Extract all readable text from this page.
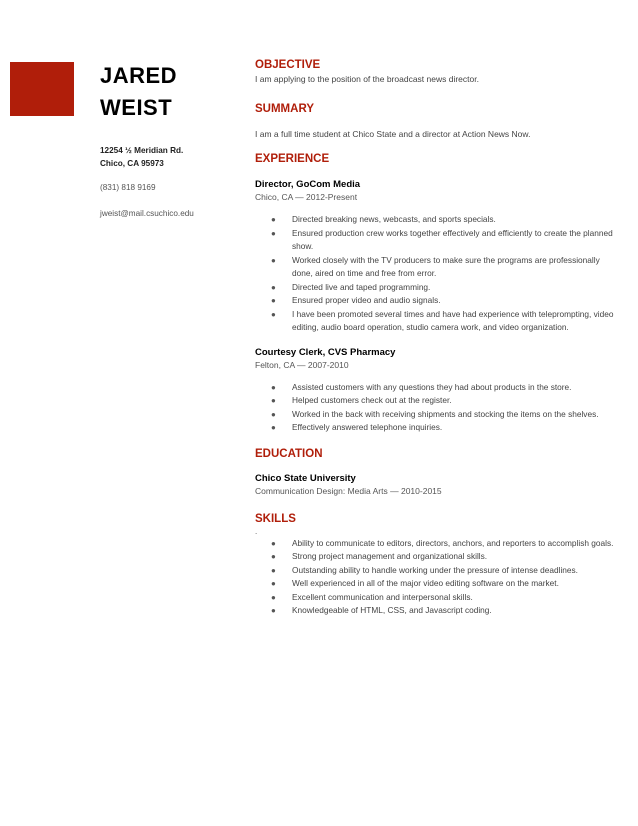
JARED
WEIST
12254 ½ Meridian Rd.
Chico, CA 95973
(831) 818 9169
jweist@mail.csuchico.edu
OBJECTIVE
I am applying to the position of the broadcast news director.
SUMMARY
I am a full time student at Chico State and a director at Action News Now.
EXPERIENCE
Director, GoCom Media
Chico, CA — 2012-Present
● Directed breaking news, webcasts, and sports specials.
● Ensured production crew works together effectively and efficiently to create the planned show.
● Worked closely with the TV producers to make sure the programs are professionally done, aired on time and free from error.
● Directed live and taped programming.
● Ensured proper video and audio signals.
● I have been promoted several times and have had experience with teleprompting, video editing, audio board operation, studio camera work, and video organization.
Courtesy Clerk, CVS Pharmacy
Felton, CA — 2007-2010
● Assisted customers with any questions they had about products in the store.
● Helped customers check out at the register.
● Worked in the back with receiving shipments and stocking the items on the shelves.
● Effectively answered telephone inquiries.
EDUCATION
Chico State University
Communication Design: Media Arts — 2010-2015
SKILLS
.
● Ability to communicate to editors, directors, anchors, and reporters to accomplish goals.
● Strong project management and organizational skills.
● Outstanding ability to handle working under the pressure of intense deadlines.
● Well experienced in all of the major video editing software on the market.
● Excellent communication and interpersonal skills.
● Knowledgeable of HTML, CSS, and Javascript coding.
